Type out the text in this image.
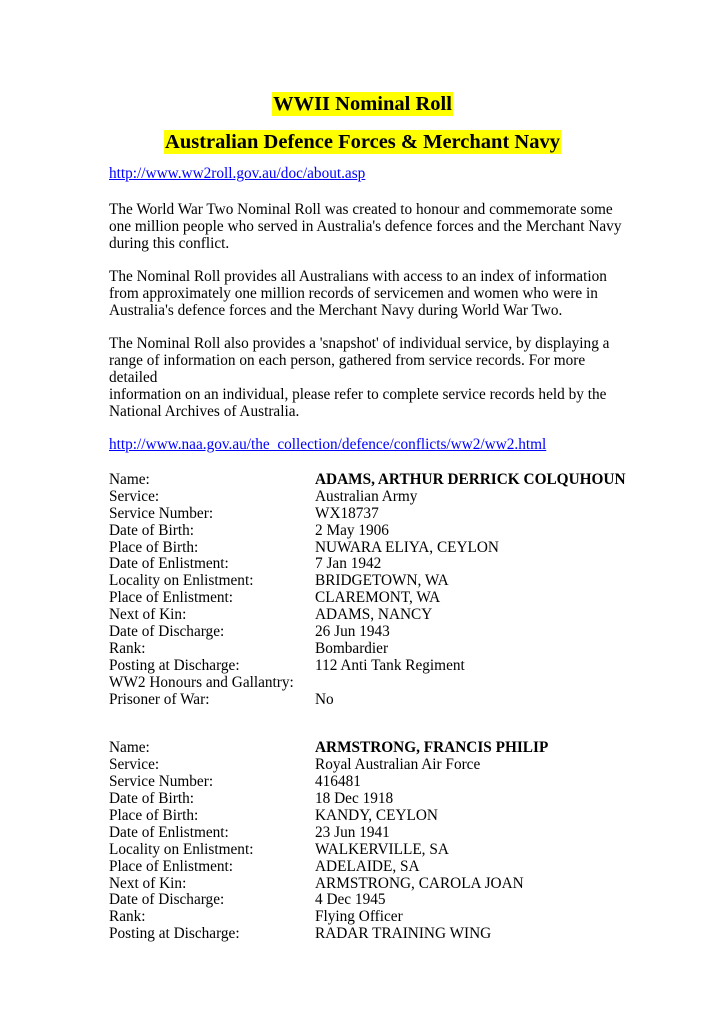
WWII Nominal Roll
Australian Defence Forces & Merchant Navy
http://www.ww2roll.gov.au/doc/about.asp

The World War Two Nominal Roll was created to honour and commemorate some

one million people who served in Australia's defence forces and the Merchant Navy

during this conflict.

The Nominal Roll provides all Australians with access to an index of information

from approximately one million records of servicemen and women who were in

Australia's defence forces and the Merchant Navy during World War Two.

The Nominal Roll also provides a 'snapshot' of individual service, by displaying a

range of information on each person, gathered from service records. For more detailed

information on an individual, please refer to complete service records held by the

National Archives of Australia.

http://www.naa.gov.au/the_collection/defence/conflicts/ww2/ww2.html
Name:	ADAMS, ARTHUR DERRICK COLQUHOUN
Service:	Australian Army
Service Number:	WX18737
Date of Birth:	2 May 1906
Place of Birth:	NUWARA ELIYA, CEYLON
Date of Enlistment:	7 Jan 1942
Locality on Enlistment:	BRIDGETOWN, WA
Place of Enlistment:	CLAREMONT, WA
Next of Kin:	ADAMS, NANCY
Date of Discharge:	26 Jun 1943
Rank:	Bombardier
Posting at Discharge:	112 Anti Tank Regiment
WW2 Honours and Gallantry:
Prisoner of War:	No
Name:	ARMSTRONG, FRANCIS PHILIP
Service:	Royal Australian Air Force
Service Number:	416481
Date of Birth:	18 Dec 1918
Place of Birth:	KANDY, CEYLON
Date of Enlistment:	23 Jun 1941
Locality on Enlistment:	WALKERVILLE, SA
Place of Enlistment:	ADELAIDE, SA
Next of Kin:	ARMSTRONG, CAROLA JOAN
Date of Discharge:	4 Dec 1945
Rank:	Flying Officer
Posting at Discharge:	RADAR TRAINING WING
